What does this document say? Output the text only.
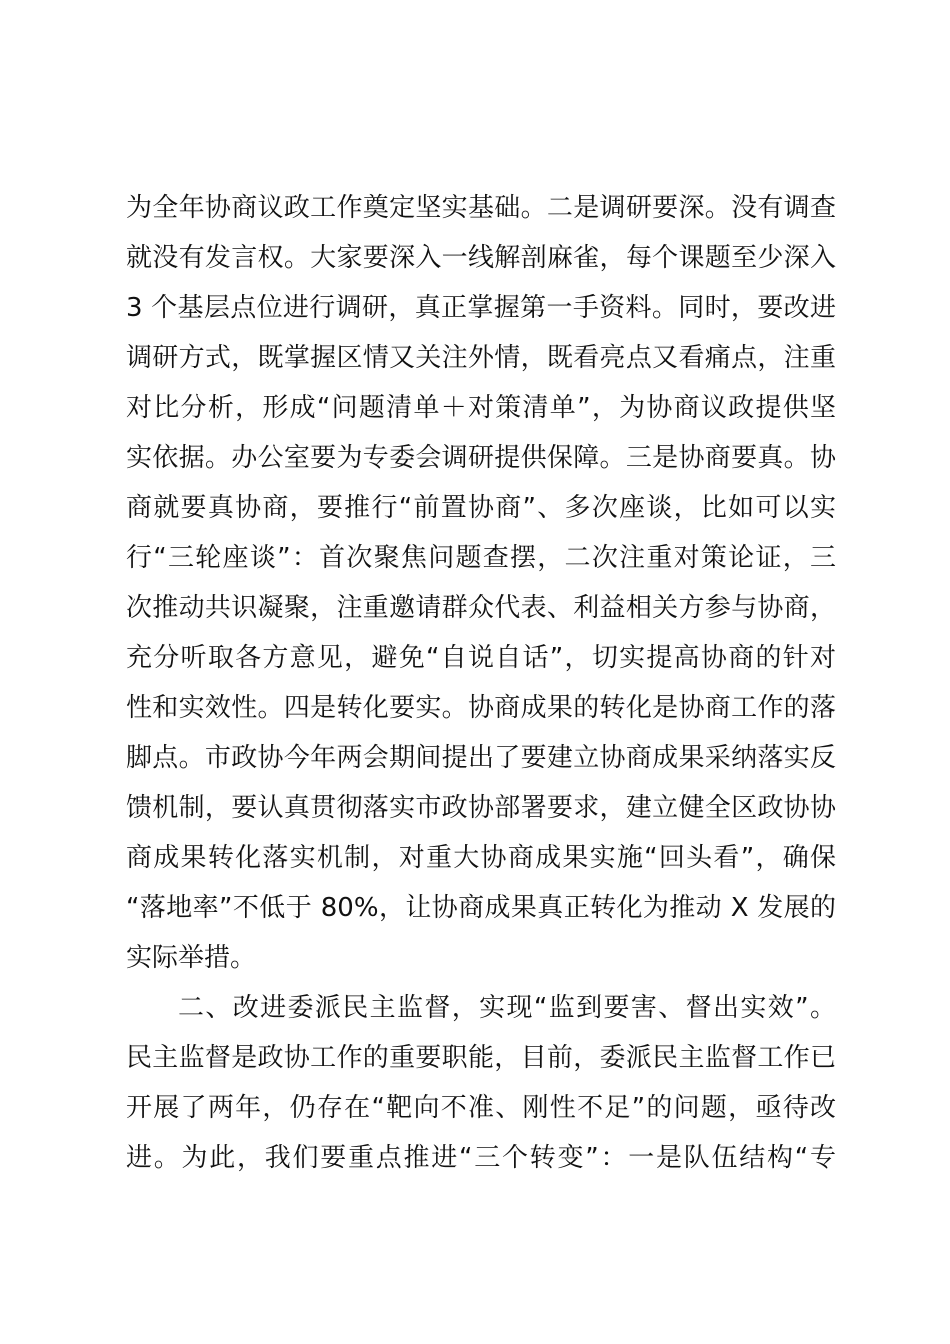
为全年协商议政工作奠定坚实基础。二是调研要深。没有调查
就没有发言权。大家要深入一线解剖麻雀，每个课题至少深入
3 个基层点位进行调研，真正掌握第一手资料。同时，要改进
调研方式，既掌握区情又关注外情，既看亮点又看痛点，注重
对比分析，形成“问题清单＋对策清单”，为协商议政提供坚
实依据。办公室要为专委会调研提供保障。三是协商要真。协
商就要真协商，要推行“前置协商”、多次座谈，比如可以实
行“三轮座谈”：首次聚焦问题查摆，二次注重对策论证，三
次推动共识凝聚，注重邀请群众代表、利益相关方参与协商，
充分听取各方意见，避免“自说自话”，切实提高协商的针对
性和实效性。四是转化要实。协商成果的转化是协商工作的落
脚点。市政协今年两会期间提出了要建立协商成果采纳落实反
馈机制，要认真贯彻落实市政协部署要求，建立健全区政协协
商成果转化落实机制，对重大协商成果实施“回头看”，确保
“落地率”不低于 80%，让协商成果真正转化为推动 X 发展的
实际举措。
二、改进委派民主监督，实现“监到要害、督出实效”。
民主监督是政协工作的重要职能，目前，委派民主监督工作已
开展了两年，仍存在“靶向不准、刚性不足”的问题，亟待改
进。为此，我们要重点推进“三个转变”：一是队伍结构“专
